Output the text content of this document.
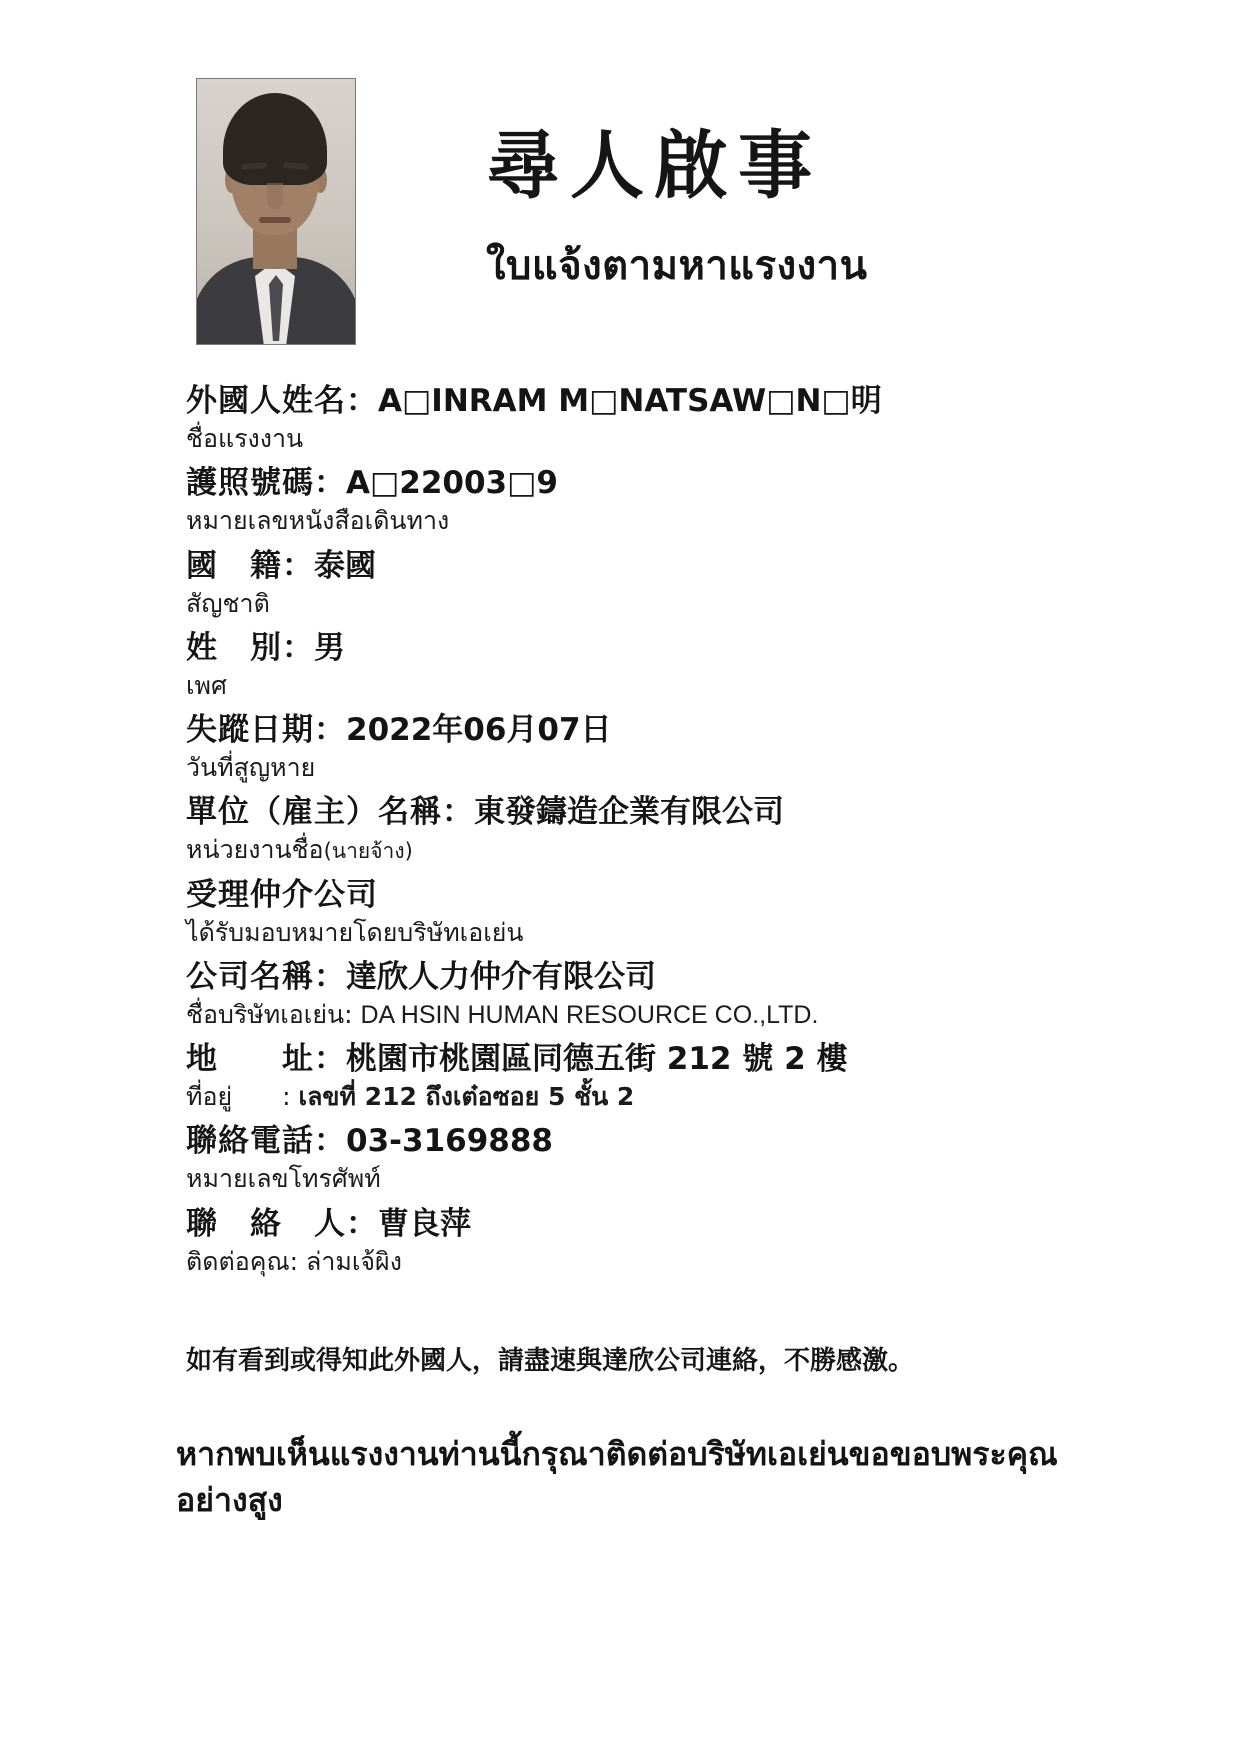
尋人啟事
ใบแจ้งตามหาแรงงาน
外國人姓名：A□INRAM M□NATSAW□N□明
ชื่อแรงงาน
護照號碼：A□22003□9
หมายเลขหนังสือเดินทาง
國　籍：泰國
สัญชาติ
姓　別：男
เพศ
失蹤日期：2022年06月07日
วันที่สูญหาย
單位（雇主）名稱：東發鑄造企業有限公司
หน่วยงานชื่อ(นายจ้าง)
受理仲介公司
ได้รับมอบหมายโดยบริษัทเอเย่น
公司名稱：達欣人力仲介有限公司
ชื่อบริษัทเอเย่น: DA HSIN HUMAN RESOURCE CO.,LTD.
地　　址：桃園市桃園區同德五街 212 號 2 樓
ที่อยู่　　: เลขที่ 212 ถึงเต๋อซอย 5 ชั้น 2
聯絡電話：03-3169888
หมายเลขโทรศัพท์
聯　絡　人：曹良萍
ติดต่อคุณ: ล่ามเจ้ผิง
如有看到或得知此外國人，請盡速與達欣公司連絡，不勝感激。
หากพบเห็นแรงงานท่านนี้กรุณาติดต่อบริษัทเอเย่นขอขอบพระคุณอย่างสูง
